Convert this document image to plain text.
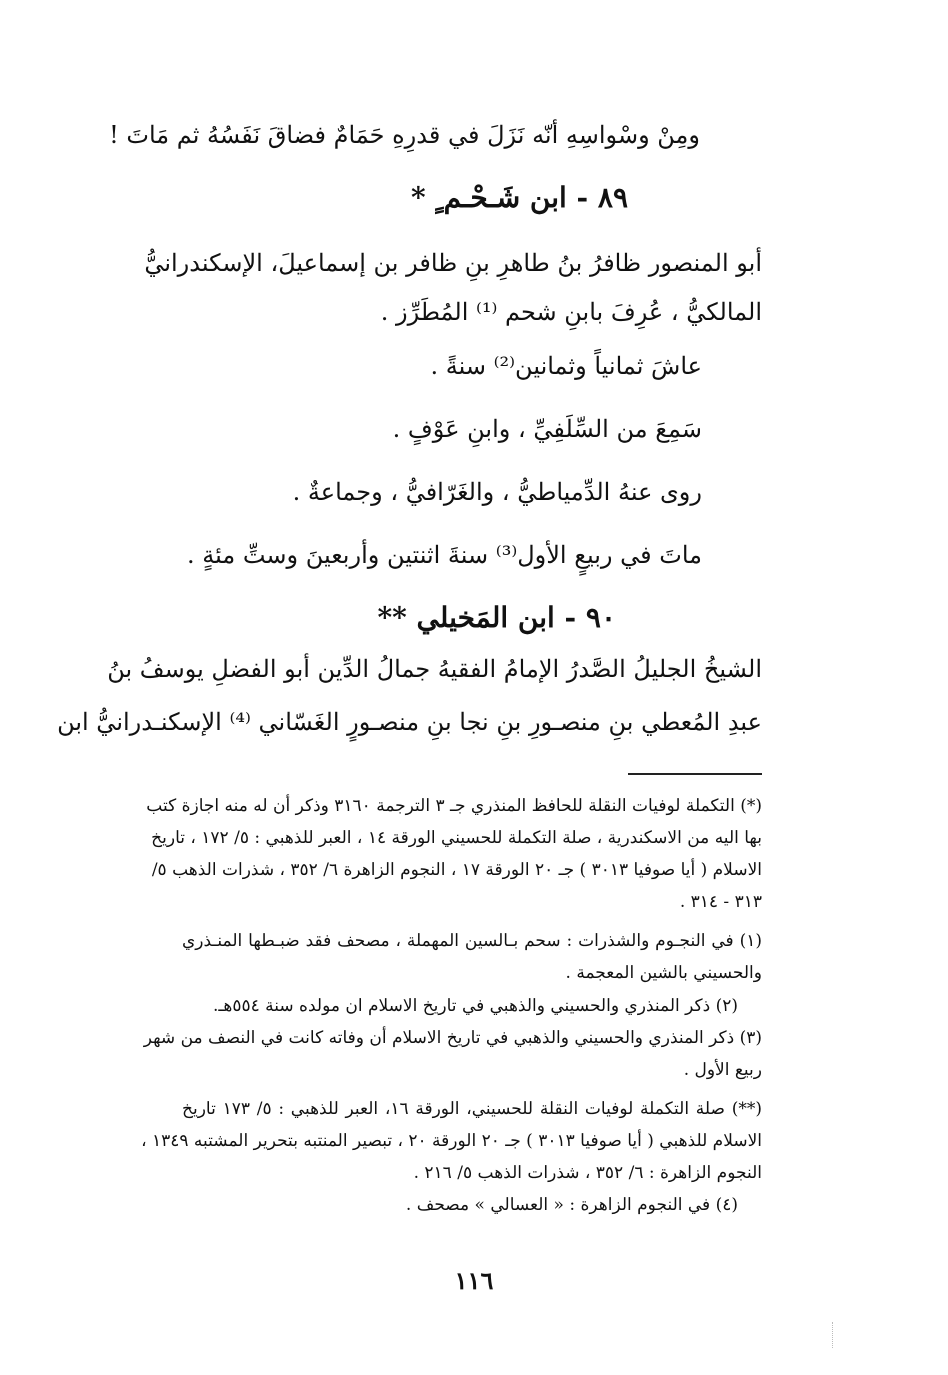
ومِنْ وسْواسِهِ أنّه نَزَلَ في قدرِهِ حَمَامٌ فضاقَ نَفَسُهُ ثم مَاتَ !
٨٩ - ابن شَـحْـم ٍ *
أبو المنصور ظافرُ بنُ طاهرِ بنِ ظافر بن إسماعيلَ، الإسكندرانيُّ
المالكيُّ ، عُرِفَ بابنِ شحم ⁽¹⁾ المُطَرِّز .
عاشَ ثمانياً وثمانين⁽²⁾ سنةً .
سَمِعَ من السِّلَفِيِّ ، وابنِ عَوْفٍ .
روى عنهُ الدِّمياطيُّ ، والغَرّافيُّ ، وجماعةٌ .
ماتَ في ربيعٍ الأول⁽³⁾ سنةَ اثنتين وأربعينَ وستِّ مئةٍ .
٩٠ - ابن المَخيلي **
الشيخُ الجليلُ الصَّدرُ الإمامُ الفقيهُ جمالُ الدِّين أبو الفضلِ يوسفُ بنُ
عبدِ المُعطي بنِ منصـورِ بنِ نجا بنِ منصـورٍ الغَسّاني ⁽⁴⁾ الإسكنـدرانيُّ ابن
(*) التكملة لوفيات النقلة للحافظ المنذري جـ ٣ الترجمة ٣١٦٠ وذكر أن له منه اجازة كتب
بها اليه من الاسكندرية ، صلة التكملة للحسيني الورقة ١٤ ، العبر للذهبي : ٥/ ١٧٢ ، تاريخ
الاسلام ( أيا صوفيا ٣٠١٣ ) جـ ٢٠ الورقة ١٧ ، النجوم الزاهرة ٦/ ٣٥٢ ، شذرات الذهب ٥/
٣١٣ - ٣١٤ .
(١) في النجـوم والشذرات : سحم بـالسين المهملة ، مصحف فقد ضبـطها المنـذري
والحسيني بالشين المعجمة .
(٢) ذكر المنذري والحسيني والذهبي في تاريخ الاسلام ان مولده سنة ٥٥٤هـ.
(٣) ذكر المنذري والحسيني والذهبي في تاريخ الاسلام أن وفاته كانت في النصف من شهر
ربيع الأول .
(**) صلة التكملة لوفيات النقلة للحسيني، الورقة ١٦، العبر للذهبي : ٥/ ١٧٣ تاريخ
الاسلام للذهبي ( أيا صوفيا ٣٠١٣ ) جـ ٢٠ الورقة ٢٠ ، تبصير المنتبه بتحرير المشتبه ١٣٤٩ ،
النجوم الزاهرة : ٦/ ٣٥٢ ، شذرات الذهب ٥/ ٢١٦ .
(٤) في النجوم الزاهرة : « العسالي » مصحف .
١١٦
